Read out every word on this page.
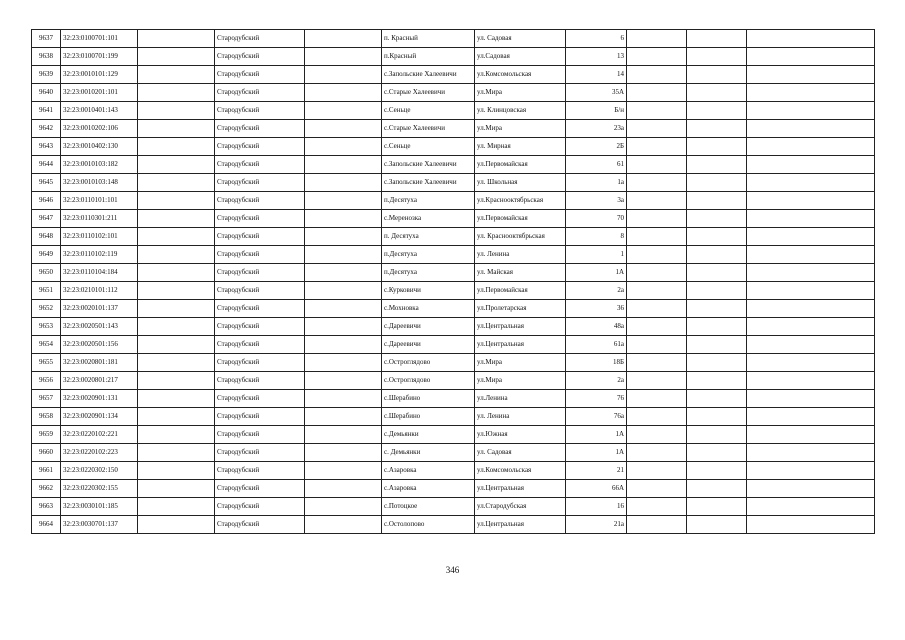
9637	32:23:0100701:101		Стародубский		п. Красный	ул. Садовая	6			
9638	32:23:0100701:199		Стародубский		п.Красный	ул.Садовая	13			
9639	32:23:0010101:129		Стародубский		с.Запольские Халеевичи	ул.Комсомольская	14			
9640	32:23:0010201:101		Стародубский		с.Старые Халеевичи	ул.Мира	35А			
9641	32:23:0010401:143		Стародубский		с.Сеньце	ул. Клинцовская	Б/н			
9642	32:23:0010202:106		Стародубский		с.Старые Халеевичи	ул.Мира	23а			
9643	32:23:0010402:130		Стародубский		с.Сеньце	ул. Мирная	2Б			
9644	32:23:0010103:182		Стародубский		с.Запольские Халеевичи	ул.Первомайская	61			
9645	32:23:0010103:148		Стародубский		с.Запольские Халеевичи	ул. Школьная	1а			
9646	32:23:0110101:101		Стародубский		п.Десятуха	ул.Красноoктябрьская	3а			
9647	32:23:0110301:211		Стародубский		с.Меренозка	ул.Первомайская	70			
9648	32:23:0110102:101		Стародубский		п. Десятуха	ул. Красноoктябрьская	8			
9649	32:23:0110102:119		Стародубский		п.Десятуха	ул. Ленина	1			
9650	32:23:0110104:184		Стародубский		п.Десятуха	ул. Майская	1А			
9651	32:23:0210101:112		Стародубский		с.Курковичи	ул.Первомайская	2а			
9652	32:23:0020101:137		Стародубский		с.Мохновка	ул.Пролетарская	36			
9653	32:23:0020501:143		Стародубский		с.Дареевичи	ул.Центральная	48а			
9654	32:23:0020501:156		Стародубский		с.Дареевичи	ул.Центральная	61а			
9655	32:23:0020801:181		Стародубский		с.Остроглядово	ул.Мира	18Б			
9656	32:23:0020801:217		Стародубский		с.Остроглядово	ул.Мира	2а			
9657	32:23:0020901:131		Стародубский		с.Шерабино	ул.Ленина	76			
9658	32:23:0020901:134		Стародубский		с.Шерабино	ул. Ленина	76а			
9659	32:23:0220102:221		Стародубский		с.Демьянки	ул.Южная	1А			
9660	32:23:0220102:223		Стародубский		с. Демьянки	ул. Садовая	1А			
9661	32:23:0220302:150		Стародубский		с.Азаровка	ул.Комсомольская	21			
9662	32:23:0220302:155		Стародубский		с.Азаровка	ул.Центральная	66А			
9663	32:23:0030101:185		Стародубский		с.Потоцкое	ул.Стародубская	16			
9664	32:23:0030701:137		Стародубский		с.Остолопово	ул.Центральная	21а			
346
